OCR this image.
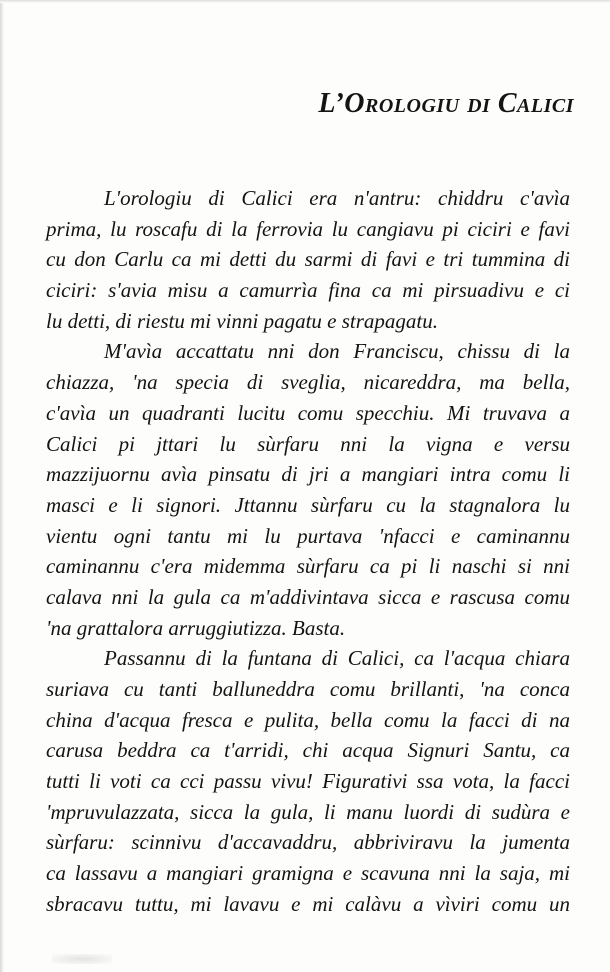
L’Orologiu di Calici
L'orologiu di Calici era n'antru: chiddru c'avìa
prima, lu roscafu di la ferrovia lu cangiavu pi ciciri e favi
cu don Carlu ca mi detti du sarmi di favi e tri tummina di
ciciri: s'avia misu a camurrìa fina ca mi pirsuadivu e ci
lu detti, di riestu mi vinni pagatu e strapagatu.
M'avìa accattatu nni don Franciscu, chissu di la
chiazza, 'na specia di sveglia, nicareddra, ma bella,
c'avìa un quadranti lucitu comu specchiu. Mi truvava a
Calici pi jttari lu sùrfaru nni la vigna e versu
mazzijuornu avìa pinsatu di jri a mangiari intra comu li
masci e li signori. Jttannu sùrfaru cu la stagnalora lu
vientu ogni tantu mi lu purtava 'nfacci e caminannu
caminannu c'era midemma sùrfaru ca pi li naschi si nni
calava nni la gula ca m'addivintava sicca e rascusa comu
'na grattalora arruggiutizza. Basta.
Passannu di la funtana di Calici, ca l'acqua chiara
suriava cu tanti balluneddra comu brillanti, 'na conca
china d'acqua fresca e pulita, bella comu la facci di na
carusa beddra ca t'arridi, chi acqua Signuri Santu, ca
tutti li voti ca cci passu vivu! Figurativi ssa vota, la facci
'mpruvulazzata, sicca la gula, li manu luordi di sudùra e
sùrfaru: scinnivu d'accavaddru, abbriviravu la jumenta
ca lassavu a mangiari gramigna e scavuna nni la saja, mi
sbracavu tuttu, mi lavavu e mi calàvu a vìviri comu un
